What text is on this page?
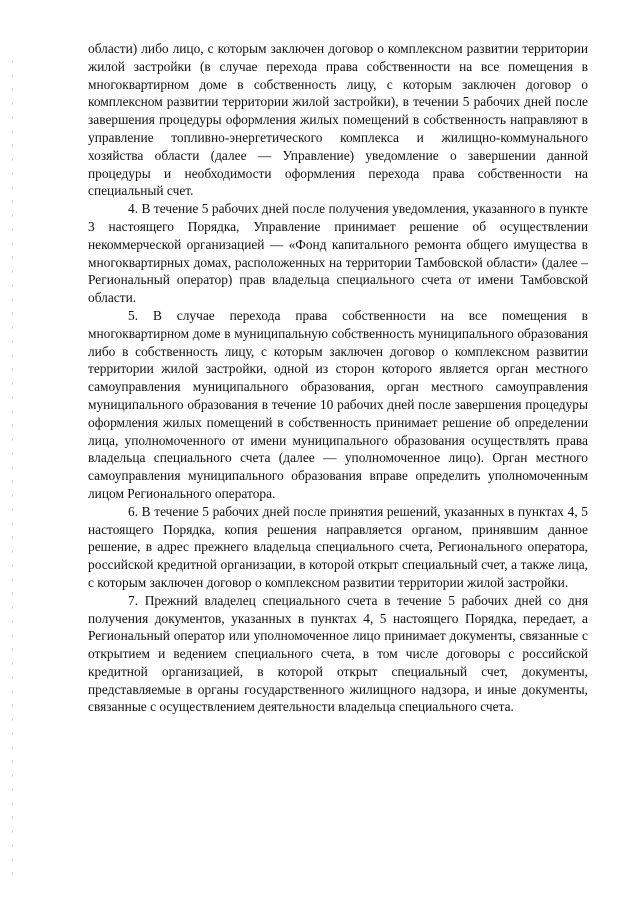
области) либо лицо, с которым заключен договор о комплексном развитии территории жилой застройки (в случае перехода права собственности на все помещения в многоквартирном доме в собственность лицу, с которым заключен договор о комплексном развитии территории жилой застройки), в течении 5 рабочих дней после завершения процедуры оформления жилых помещений в собственность направляют в управление топливно-энергетического комплекса и жилищно-коммунального хозяйства области (далее — Управление) уведомление о завершении данной процедуры и необходимости оформления перехода права собственности на специальный счет.

4. В течение 5 рабочих дней после получения уведомления, указанного в пункте 3 настоящего Порядка, Управление принимает решение об осуществлении некоммерческой организацией — «Фонд капитального ремонта общего имущества в многоквартирных домах, расположенных на территории Тамбовской области» (далее – Региональный оператор) прав владельца специального счета от имени Тамбовской области.

5. В случае перехода права собственности на все помещения в многоквартирном доме в муниципальную собственность муниципального образования либо в собственность лицу, с которым заключен договор о комплексном развитии территории жилой застройки, одной из сторон которого является орган местного самоуправления муниципального образования, орган местного самоуправления муниципального образования в течение 10 рабочих дней после завершения процедуры оформления жилых помещений в собственность принимает решение об определении лица, уполномоченного от имени муниципального образования осуществлять права владельца специального счета (далее — уполномоченное лицо). Орган местного самоуправления муниципального образования вправе определить уполномоченным лицом Регионального оператора.

6. В течение 5 рабочих дней после принятия решений, указанных в пунктах 4, 5 настоящего Порядка, копия решения направляется органом, принявшим данное решение, в адрес прежнего владельца специального счета, Регионального оператора, российской кредитной организации, в которой открыт специальный счет, а также лица, с которым заключен договор о комплексном развитии территории жилой застройки.

7. Прежний владелец специального счета в течение 5 рабочих дней со дня получения документов, указанных в пунктах 4, 5 настоящего Порядка, передает, а Региональный оператор или уполномоченное лицо принимает документы, связанные с открытием и ведением специального счета, в том числе договоры с российской кредитной организацией, в которой открыт специальный счет, документы, представляемые в органы государственного жилищного надзора, и иные документы, связанные с осуществлением деятельности владельца специального счета.
